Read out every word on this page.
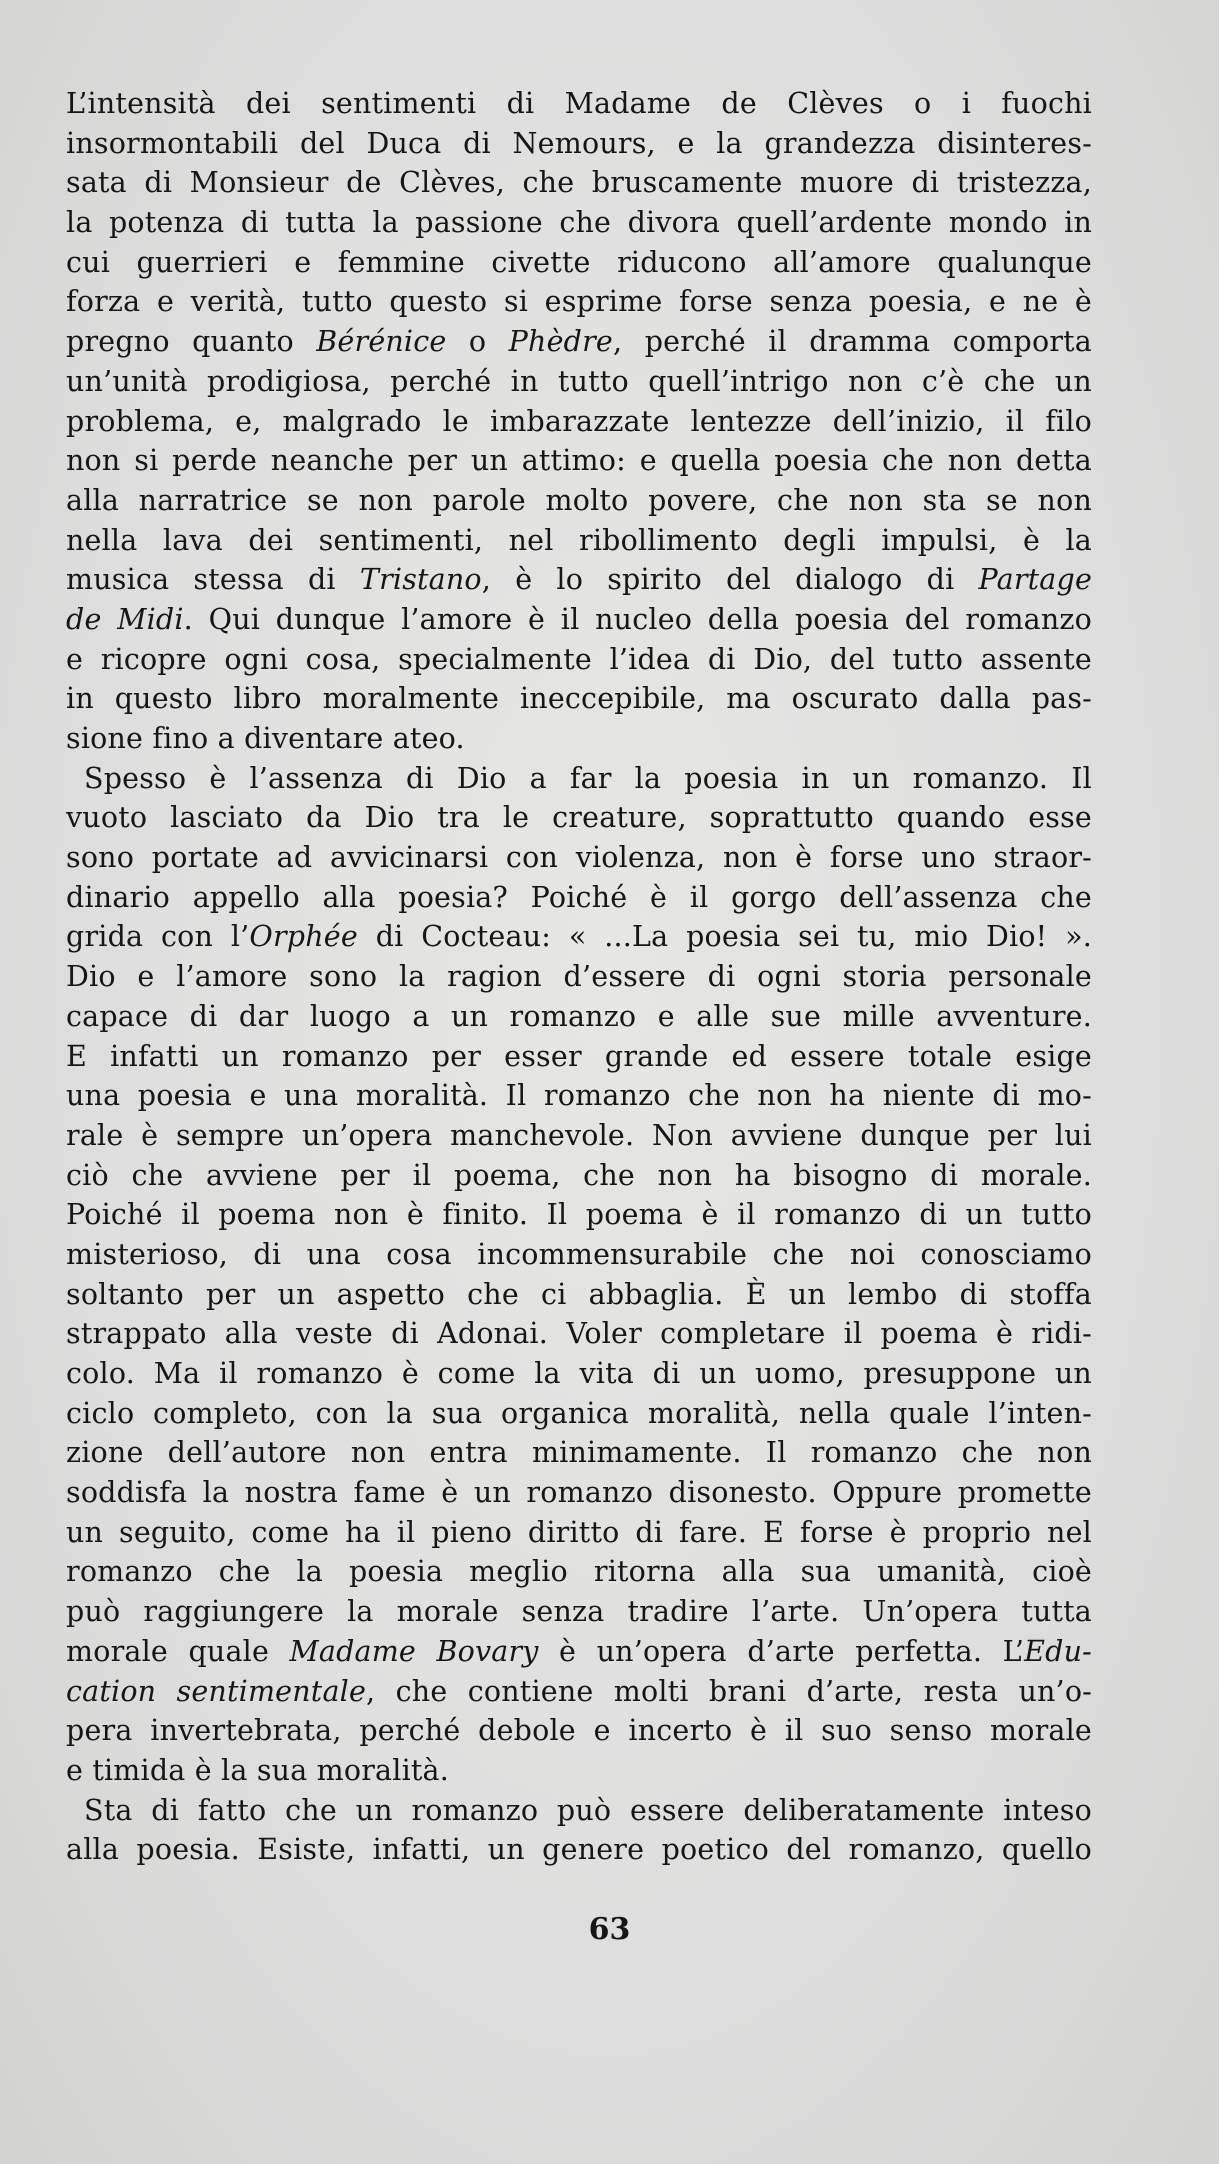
L’intensità dei sentimenti di Madame de Clèves o i fuochi
insormontabili del Duca di Nemours, e la grandezza disinteres-
sata di Monsieur de Clèves, che bruscamente muore di tristezza,
la potenza di tutta la passione che divora quell’ardente mondo in
cui guerrieri e femmine civette riducono all’amore qualunque
forza e verità, tutto questo si esprime forse senza poesia, e ne è
pregno quanto Bérénice o Phèdre, perché il dramma comporta
un’unità prodigiosa, perché in tutto quell’intrigo non c’è che un
problema, e, malgrado le imbarazzate lentezze dell’inizio, il filo
non si perde neanche per un attimo: e quella poesia che non detta
alla narratrice se non parole molto povere, che non sta se non
nella lava dei sentimenti, nel ribollimento degli impulsi, è la
musica stessa di Tristano, è lo spirito del dialogo di Partage
de Midi. Qui dunque l’amore è il nucleo della poesia del romanzo
e ricopre ogni cosa, specialmente l’idea di Dio, del tutto assente
in questo libro moralmente ineccepibile, ma oscurato dalla pas-
sione fino a diventare ateo.
Spesso è l’assenza di Dio a far la poesia in un romanzo. Il
vuoto lasciato da Dio tra le creature, soprattutto quando esse
sono portate ad avvicinarsi con violenza, non è forse uno straor-
dinario appello alla poesia? Poiché è il gorgo dell’assenza che
grida con l’Orphée di Cocteau: « ...La poesia sei tu, mio Dio! ».
Dio e l’amore sono la ragion d’essere di ogni storia personale
capace di dar luogo a un romanzo e alle sue mille avventure.
E infatti un romanzo per esser grande ed essere totale esige
una poesia e una moralità. Il romanzo che non ha niente di mo-
rale è sempre un’opera manchevole. Non avviene dunque per lui
ciò che avviene per il poema, che non ha bisogno di morale.
Poiché il poema non è finito. Il poema è il romanzo di un tutto
misterioso, di una cosa incommensurabile che noi conosciamo
soltanto per un aspetto che ci abbaglia. È un lembo di stoffa
strappato alla veste di Adonai. Voler completare il poema è ridi-
colo. Ma il romanzo è come la vita di un uomo, presuppone un
ciclo completo, con la sua organica moralità, nella quale l’inten-
zione dell’autore non entra minimamente. Il romanzo che non
soddisfa la nostra fame è un romanzo disonesto. Oppure promette
un seguito, come ha il pieno diritto di fare. E forse è proprio nel
romanzo che la poesia meglio ritorna alla sua umanità, cioè
può raggiungere la morale senza tradire l’arte. Un’opera tutta
morale quale Madame Bovary è un’opera d’arte perfetta. L’Edu-
cation sentimentale, che contiene molti brani d’arte, resta un’o-
pera invertebrata, perché debole e incerto è il suo senso morale
e timida è la sua moralità.
Sta di fatto che un romanzo può essere deliberatamente inteso
alla poesia. Esiste, infatti, un genere poetico del romanzo, quello
63
